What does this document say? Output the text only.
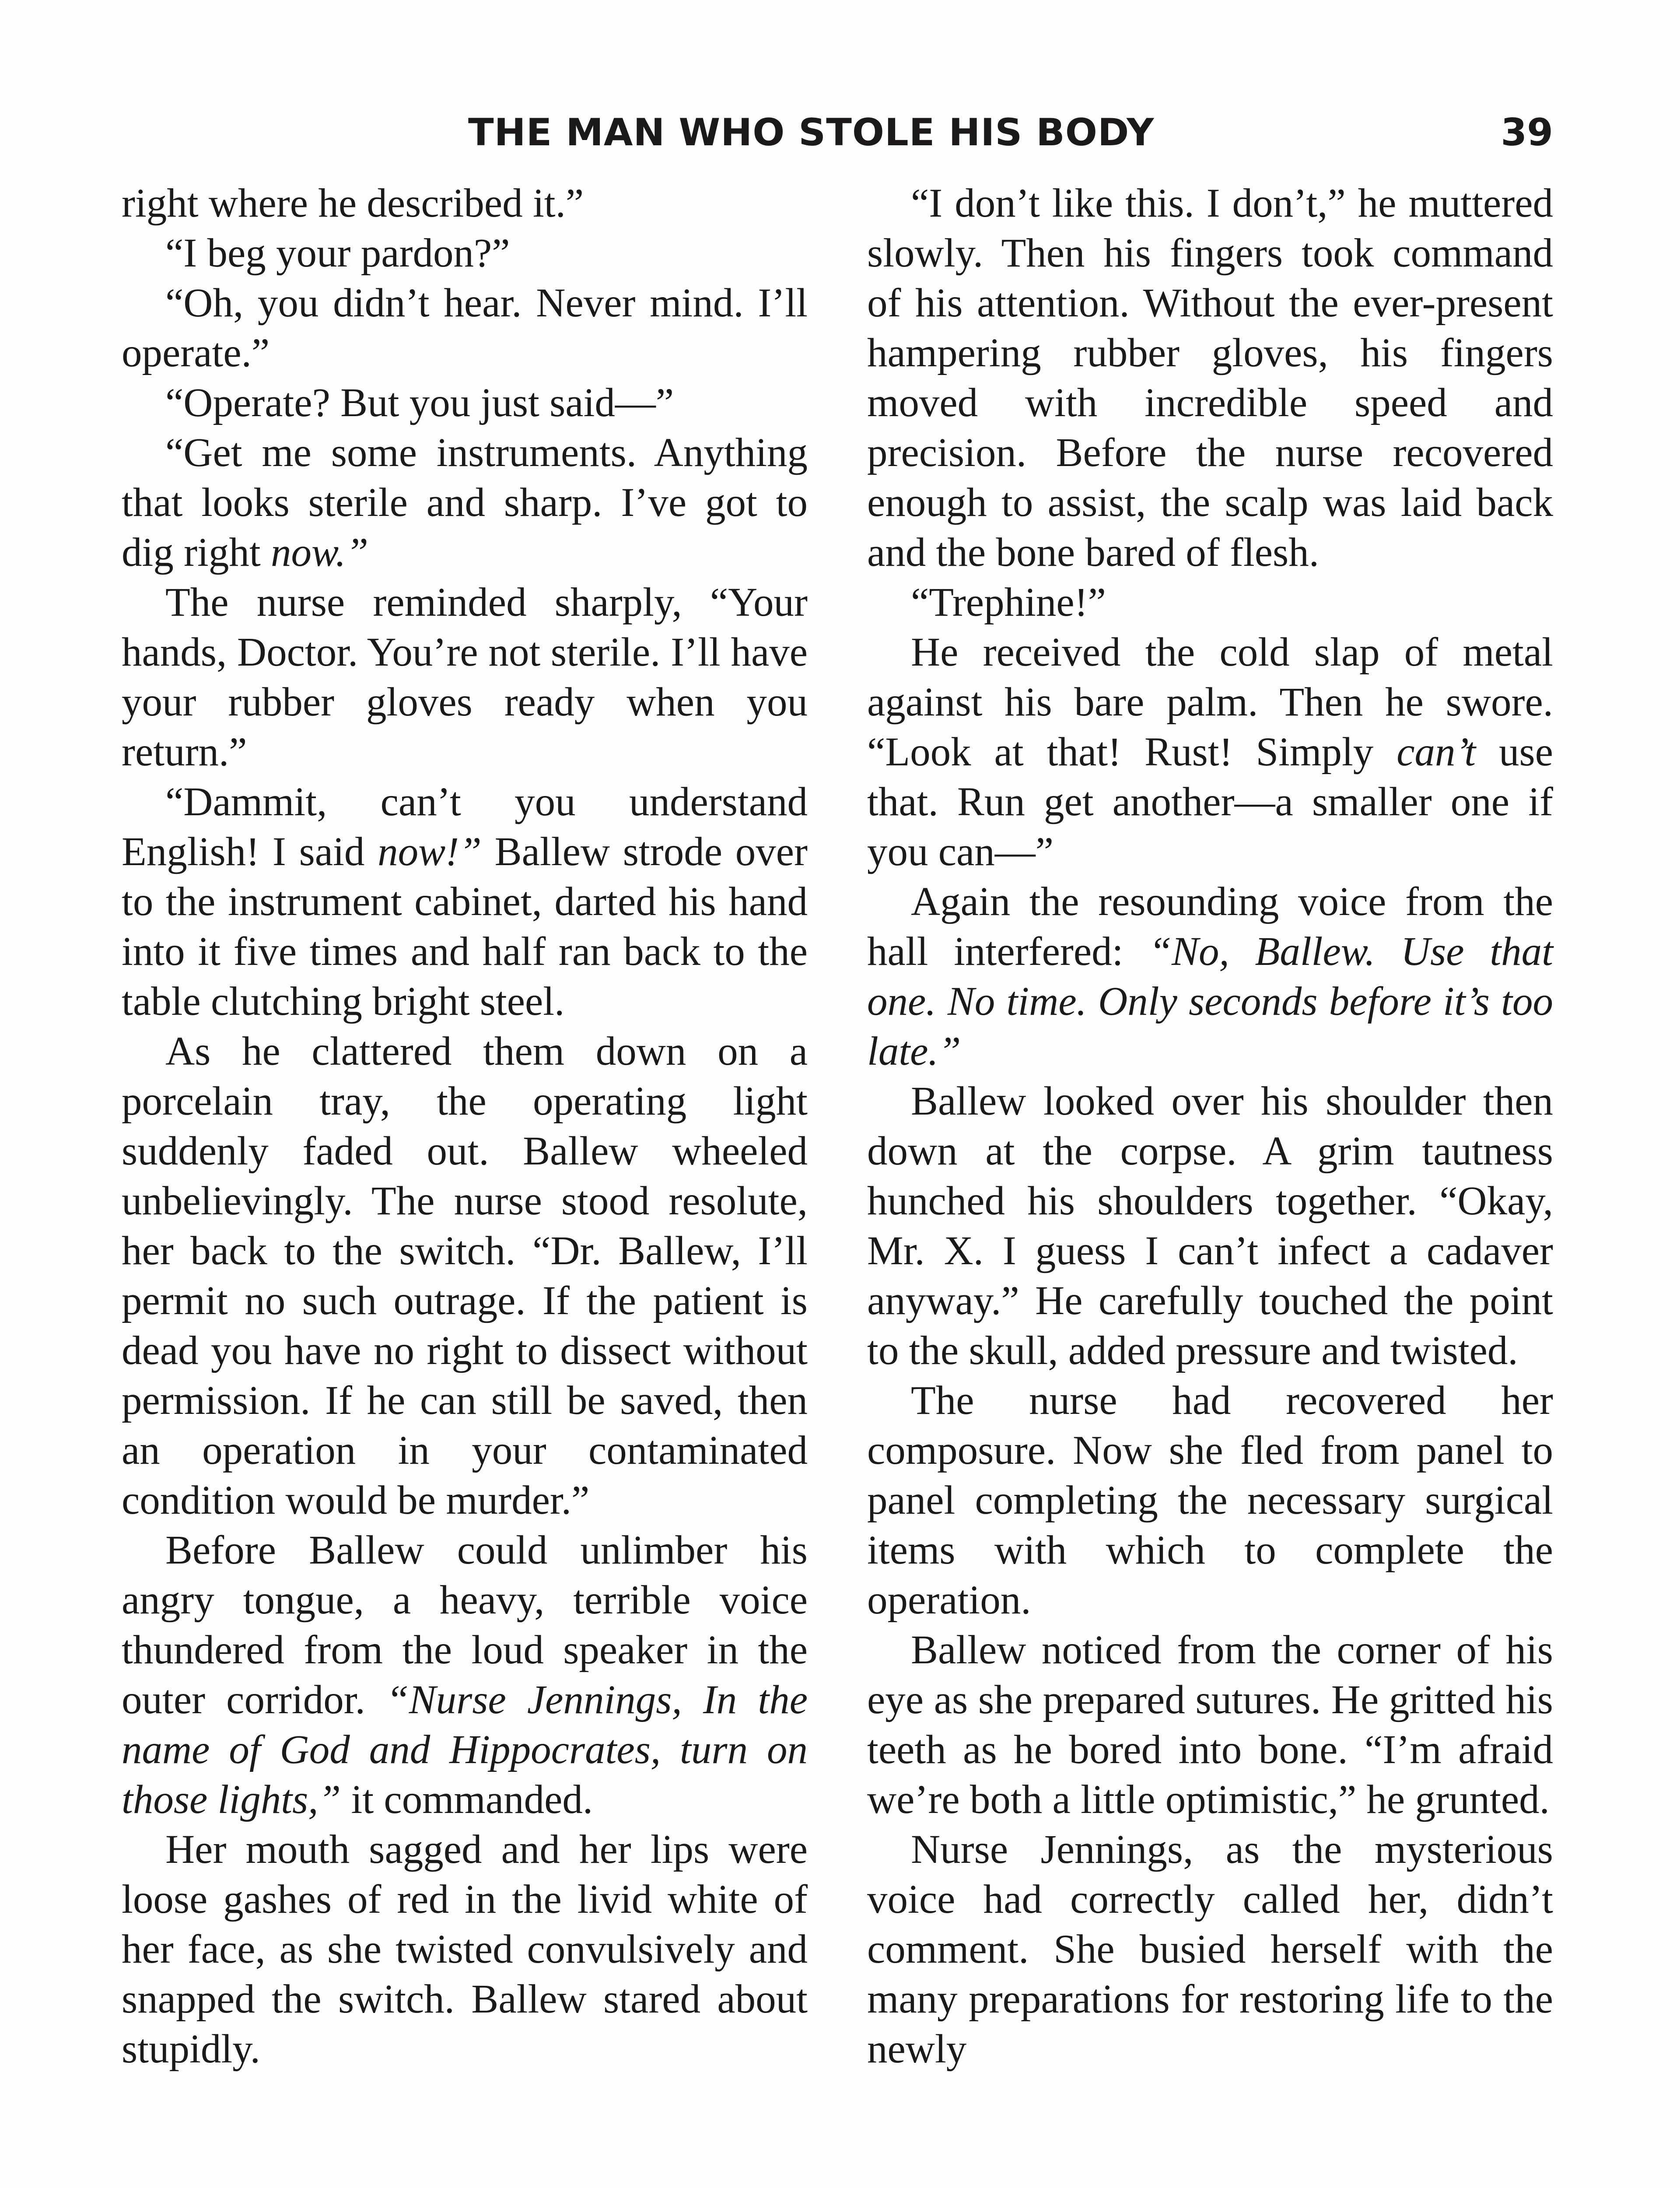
THE MAN WHO STOLE HIS BODY	39

right where he described it.”

“I beg your pardon?”

“Oh, you didn’t hear. Never mind. I’ll operate.”

“Operate? But you just said—”

“Get me some instruments. Anything that looks sterile and sharp. I’ve got to dig right now.”

The nurse reminded sharply, “Your hands, Doctor. You’re not sterile. I’ll have your rubber gloves ready when you return.”

“Dammit, can’t you understand English! I said now!” Ballew strode over to the instrument cabinet, darted his hand into it five times and half ran back to the table clutching bright steel.

As he clattered them down on a porcelain tray, the operating light suddenly faded out. Ballew wheeled unbelievingly. The nurse stood resolute, her back to the switch. “Dr. Ballew, I’ll permit no such outrage. If the patient is dead you have no right to dissect without permission. If he can still be saved, then an operation in your contaminated condition would be murder.”

Before Ballew could unlimber his angry tongue, a heavy, terrible voice thundered from the loud speaker in the outer corridor. “Nurse Jennings, In the name of God and Hippocrates, turn on those lights,” it commanded.

Her mouth sagged and her lips were loose gashes of red in the livid white of her face, as she twisted convulsively and snapped the switch. Ballew stared about stupidly.

“I don’t like this. I don’t,” he muttered slowly. Then his fingers took command of his attention. Without the ever-present hampering rubber gloves, his fingers moved with incredible speed and precision. Before the nurse recovered enough to assist, the scalp was laid back and the bone bared of flesh.

“Trephine!”

He received the cold slap of metal against his bare palm. Then he swore. “Look at that! Rust! Simply can’t use that. Run get another—a smaller one if you can—”

Again the resounding voice from the hall interfered: “No, Ballew. Use that one. No time. Only seconds before it’s too late.”

Ballew looked over his shoulder then down at the corpse. A grim tautness hunched his shoulders together. “Okay, Mr. X. I guess I can’t infect a cadaver anyway.” He carefully touched the point to the skull, added pressure and twisted.

The nurse had recovered her composure. Now she fled from panel to panel completing the necessary surgical items with which to complete the operation.

Ballew noticed from the corner of his eye as she prepared sutures. He gritted his teeth as he bored into bone. “I’m afraid we’re both a little optimistic,” he grunted.

Nurse Jennings, as the mysterious voice had correctly called her, didn’t comment. She busied herself with the many preparations for restoring life to the newly
